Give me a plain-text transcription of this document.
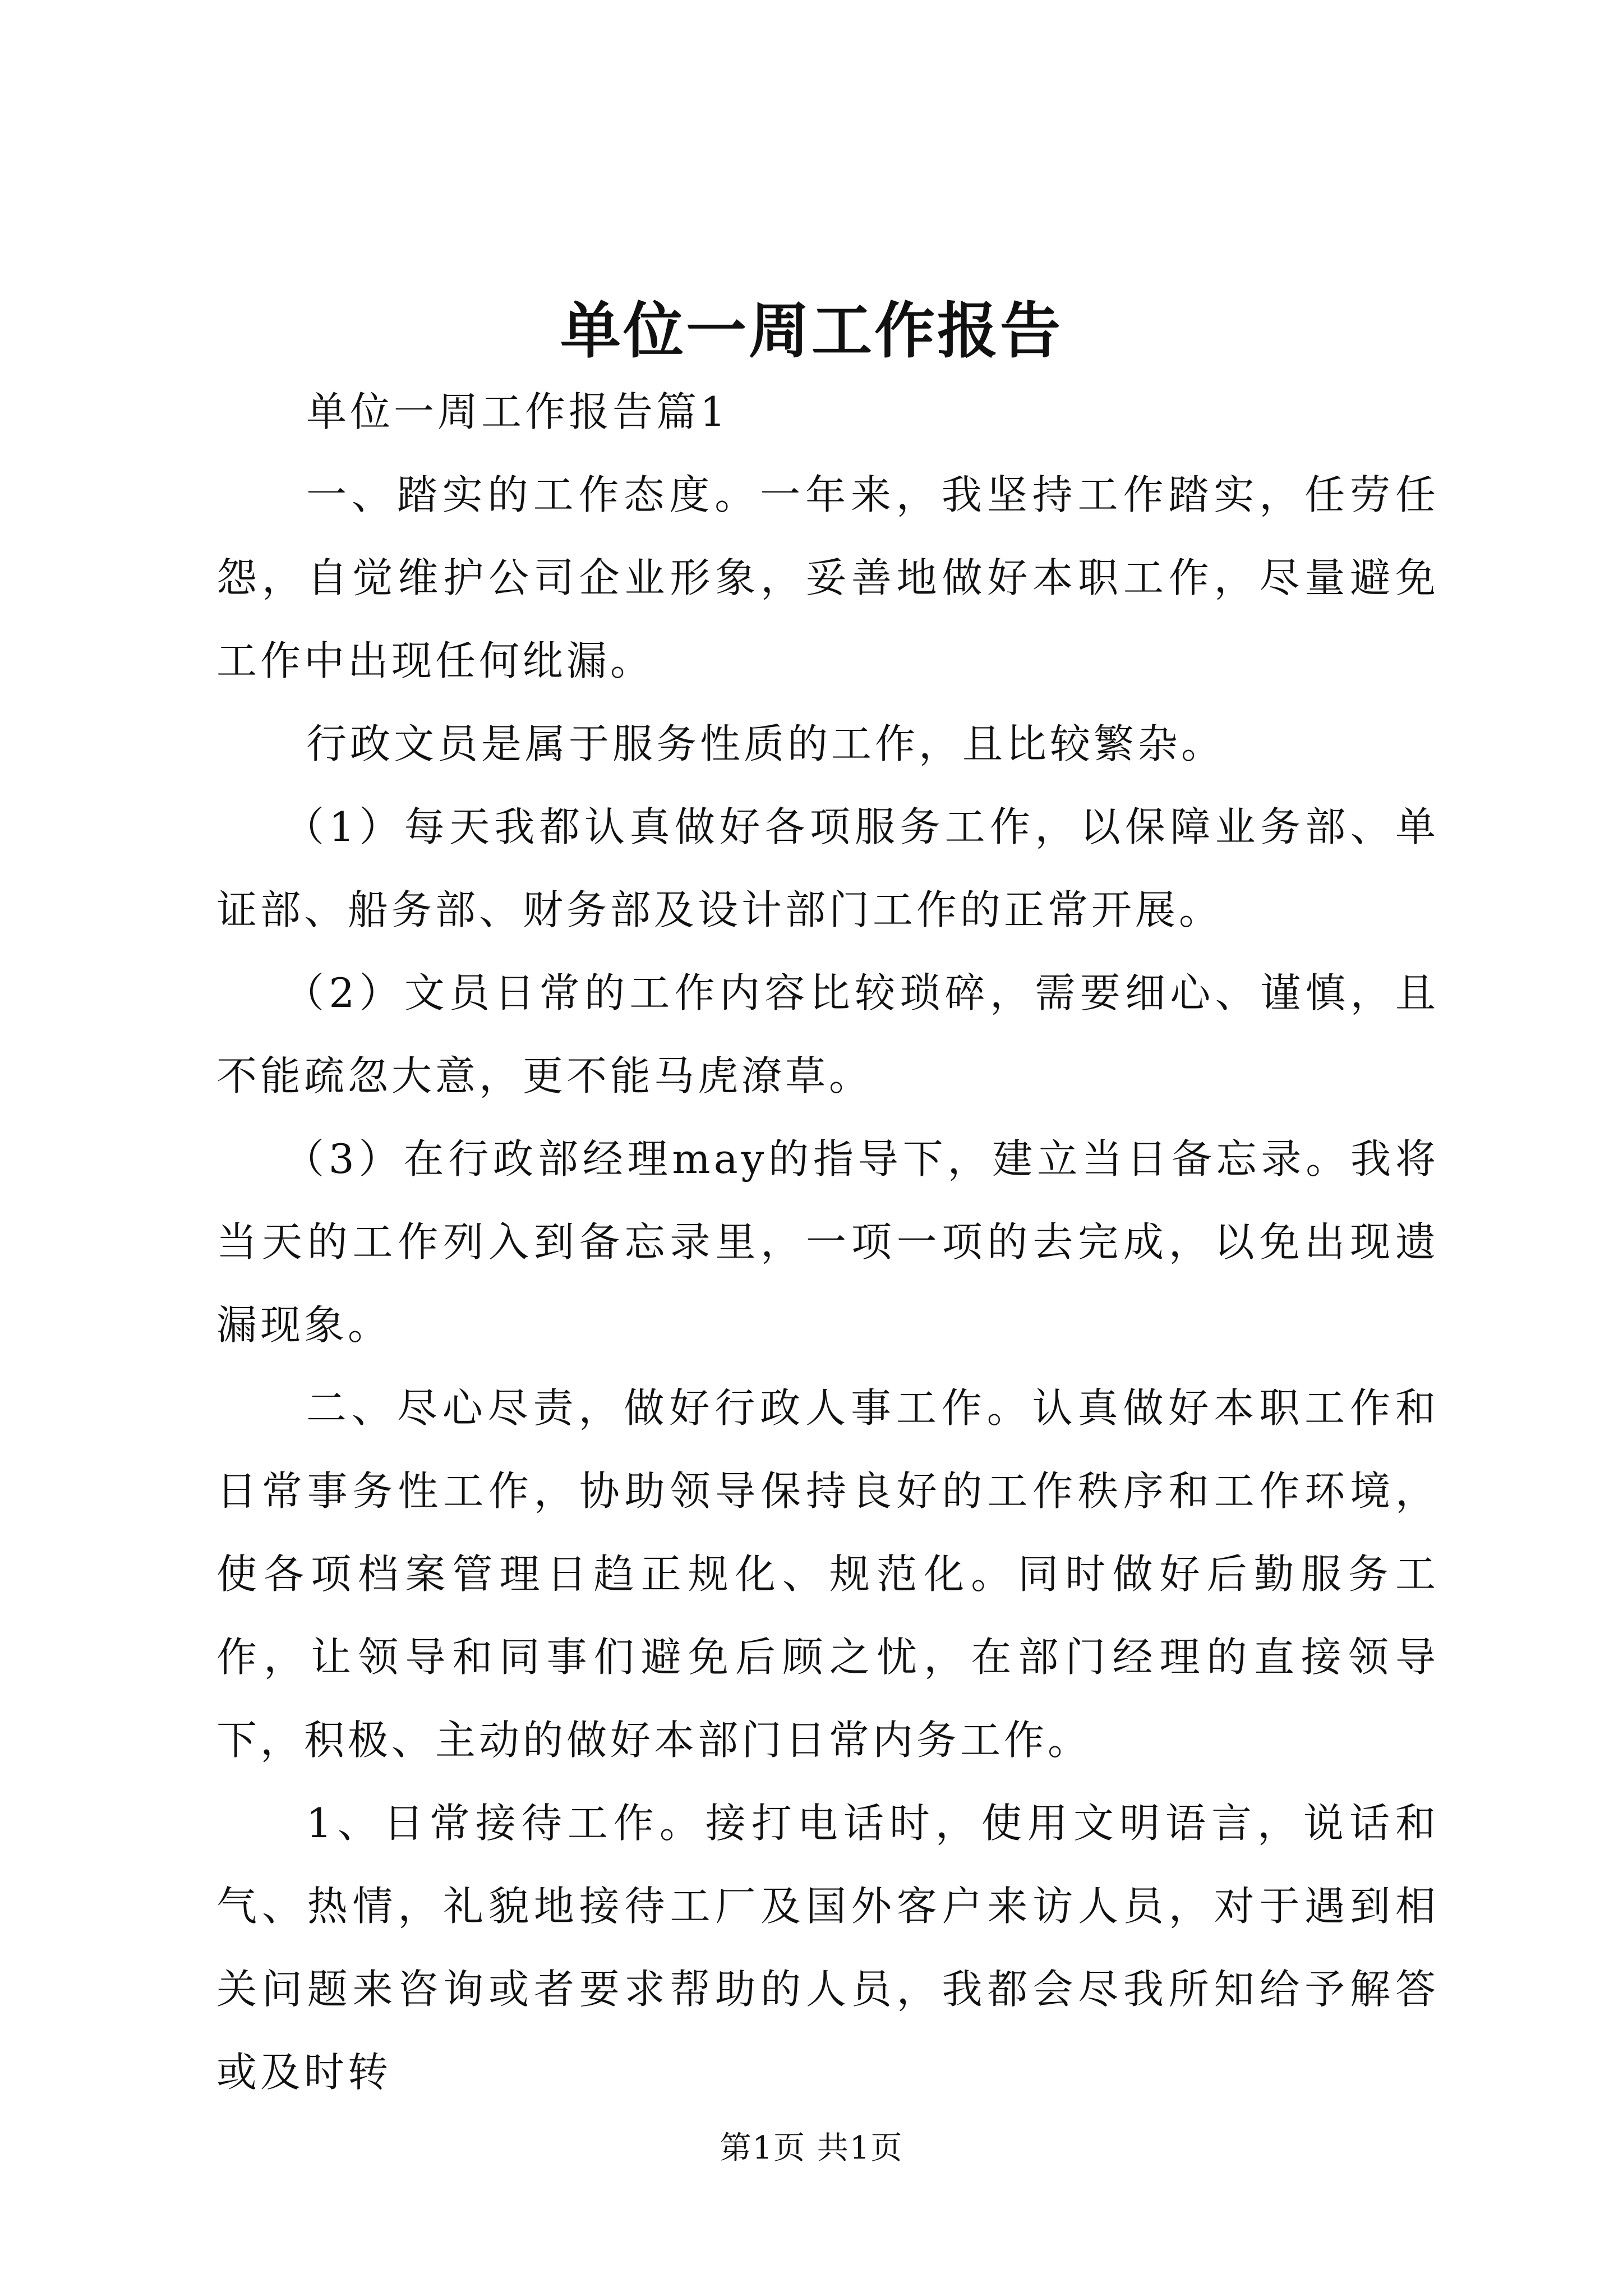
单位一周工作报告

单位一周工作报告篇1

一、踏实的工作态度。一年来，我坚持工作踏实，任劳任怨，自觉维护公司企业形象，妥善地做好本职工作，尽量避免工作中出现任何纰漏。

行政文员是属于服务性质的工作，且比较繁杂。

（1）每天我都认真做好各项服务工作，以保障业务部、单证部、船务部、财务部及设计部门工作的正常开展。

（2）文员日常的工作内容比较琐碎，需要细心、谨慎，且不能疏忽大意，更不能马虎潦草。

（3）在行政部经理may的指导下，建立当日备忘录。我将当天的工作列入到备忘录里，一项一项的去完成，以免出现遗漏现象。

二、尽心尽责，做好行政人事工作。认真做好本职工作和日常事务性工作，协助领导保持良好的工作秩序和工作环境，使各项档案管理日趋正规化、规范化。同时做好后勤服务工作，让领导和同事们避免后顾之忧，在部门经理的直接领导下，积极、主动的做好本部门日常内务工作。

1、日常接待工作。接打电话时，使用文明语言，说话和气、热情，礼貌地接待工厂及国外客户来访人员，对于遇到相关问题来咨询或者要求帮助的人员，我都会尽我所知给予解答或及时转

第1页 共1页
